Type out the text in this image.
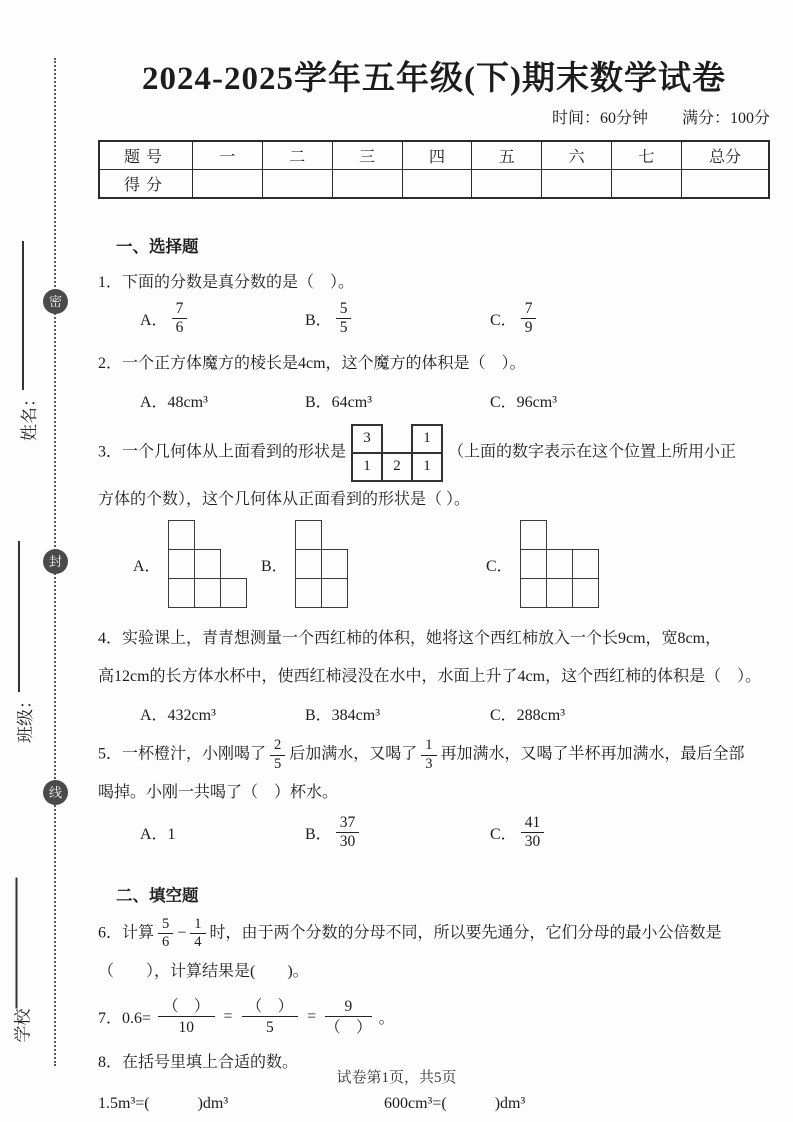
密
封
线
姓名：
班级：
学校
2024-2025学年五年级(下)期末数学试卷
时间：60分钟 满分：100分
题号	一	二	三	四	五	六	七	总分
得分								
一、选择题
1．下面的分数是真分数的是（　）。
A． $\frac{7}{6}$	B． $\frac{5}{5}$	C． $\frac{7}{9}$
2．一个正方体魔方的棱长是4cm，这个魔方的体积是（　）。
A．48cm³	B．64cm³	C．96cm³
3．一个几何体从上面看到的形状是3		1
1	2	1（上面的数字表示在这个位置上所用小正
方体的个数），这个几何体从正面看到的形状是（ ）。
A．	B．	C．
4．实验课上，青青想测量一个西红柿的体积，她将这个西红柿放入一个长9cm，宽8cm，
高12cm的长方体水杯中，使西红柿浸没在水中，水面上升了4cm，这个西红柿的体积是（　）。
A．432cm³	B．384cm³	C．288cm³
5．一杯橙汁，小刚喝了 $\frac{2}{5}$ 后加满水，又喝了 $\frac{1}{3}$ 再加满水，又喝了半杯再加满水，最后全部
喝掉。小刚一共喝了（　）杯水。
A．1	B． $\frac{37}{30}$	C． $\frac{41}{30}$
二、填空题
6．计算 $\frac{5}{6} - \frac{1}{4}$ 时，由于两个分数的分母不同，所以要先通分，它们分母的最小公倍数是
（　　），计算结果是(　　)。
7．0.6=
（　）
10
=
（　）
5
=
9
（　） 。
8．在括号里填上合适的数。
1.5m³=(　　　)dm³	600cm³=(　　　)dm³
试卷第1页，共5页
